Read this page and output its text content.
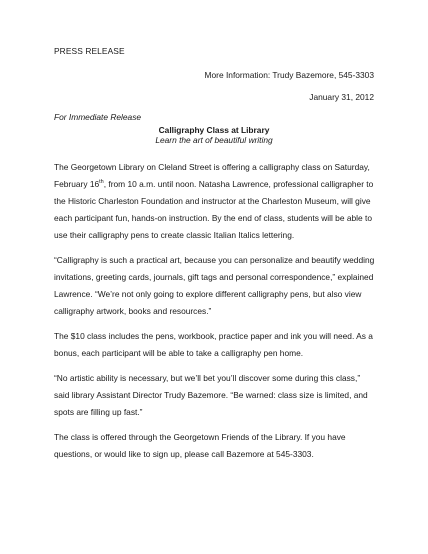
PRESS RELEASE
More Information: Trudy Bazemore, 545-3303
January 31, 2012
For Immediate Release
Calligraphy Class at Library
Learn the art of beautiful writing

The Georgetown Library on Cleland Street is offering a calligraphy class on Saturday, February 16th, from 10 a.m. until noon. Natasha Lawrence, professional calligrapher to the Historic Charleston Foundation and instructor at the Charleston Museum, will give each participant fun, hands-on instruction. By the end of class, students will be able to use their calligraphy pens to create classic Italian Italics lettering.

“Calligraphy is such a practical art, because you can personalize and beautify wedding invitations, greeting cards, journals, gift tags and personal correspondence,” explained Lawrence. “We’re not only going to explore different calligraphy pens, but also view calligraphy artwork, books and resources.”

The $10 class includes the pens, workbook, practice paper and ink you will need. As a bonus, each participant will be able to take a calligraphy pen home.

“No artistic ability is necessary, but we’ll bet you’ll discover some during this class,” said library Assistant Director Trudy Bazemore. “Be warned: class size is limited, and spots are filling up fast.”

The class is offered through the Georgetown Friends of the Library. If you have questions, or would like to sign up, please call Bazemore at 545-3303.
